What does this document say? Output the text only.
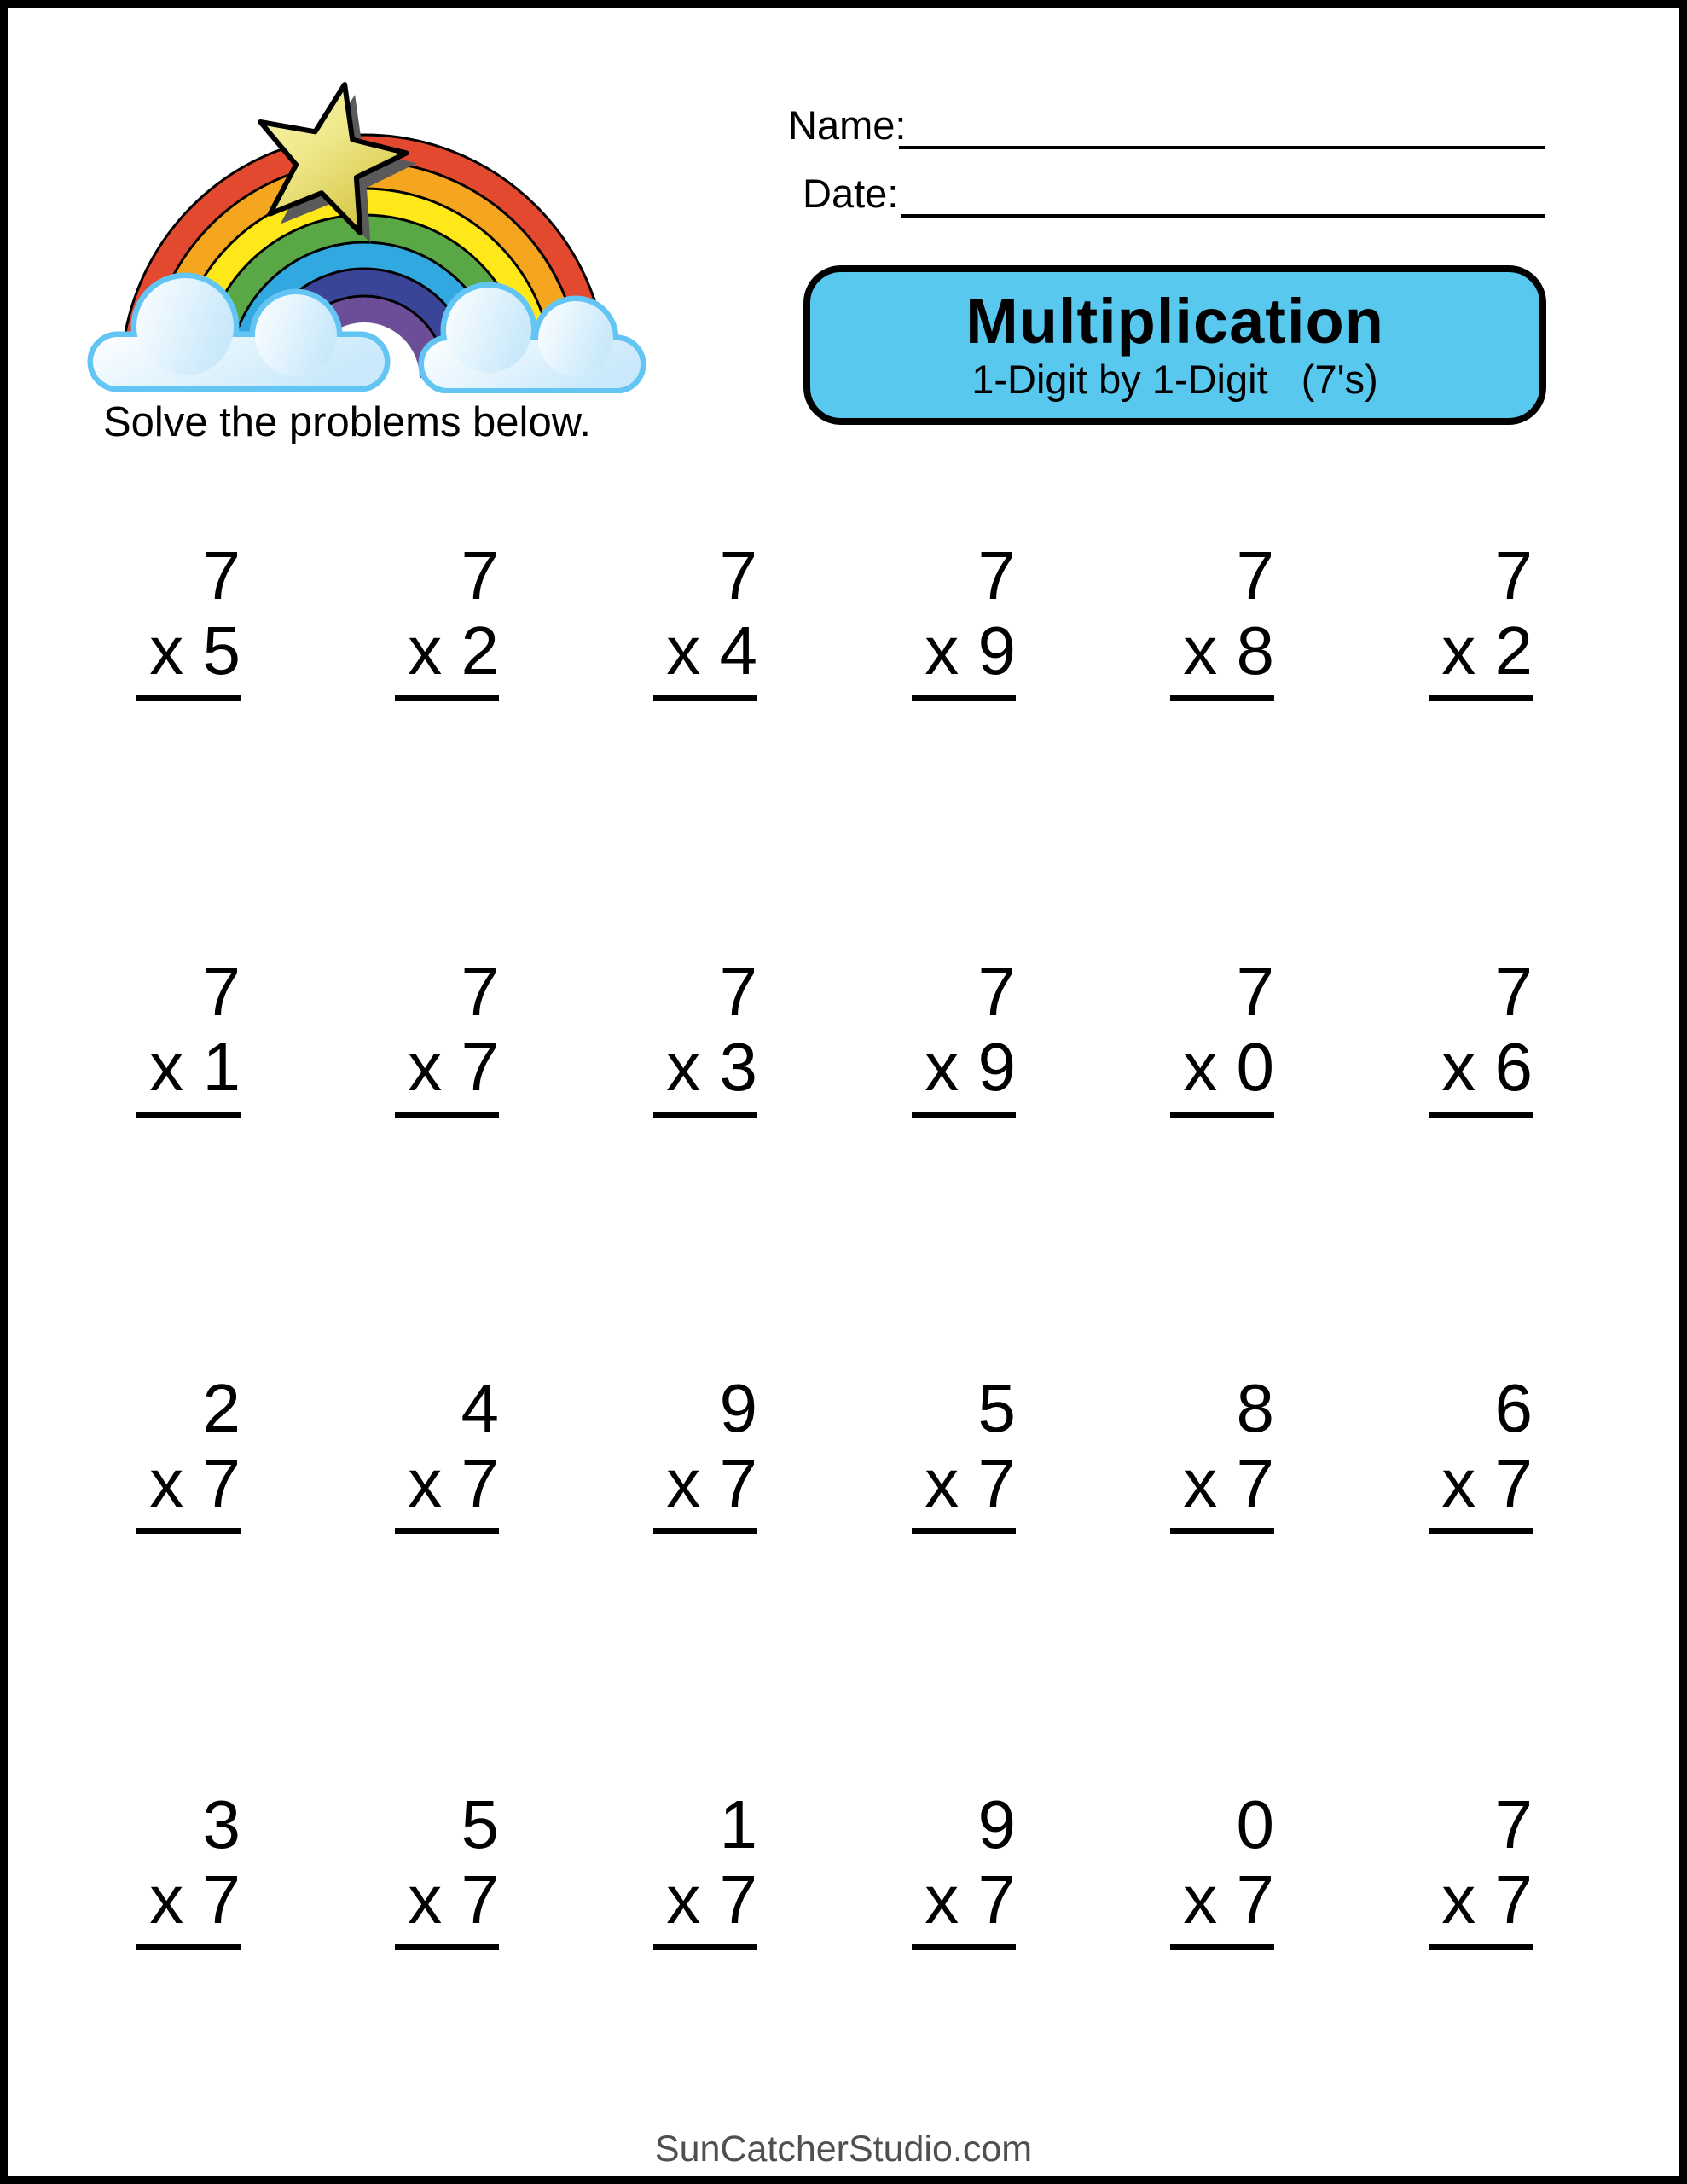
Solve the problems below.
Name:
Date:
Multiplication
1-Digit by 1-Digit   (7's)
7
x 5
7
x 2
7
x 4
7
x 9
7
x 8
7
x 2
7
x 1
7
x 7
7
x 3
7
x 9
7
x 0
7
x 6
2
x 7
4
x 7
9
x 7
5
x 7
8
x 7
6
x 7
3
x 7
5
x 7
1
x 7
9
x 7
0
x 7
7
x 7
SunCatcherStudio.com
